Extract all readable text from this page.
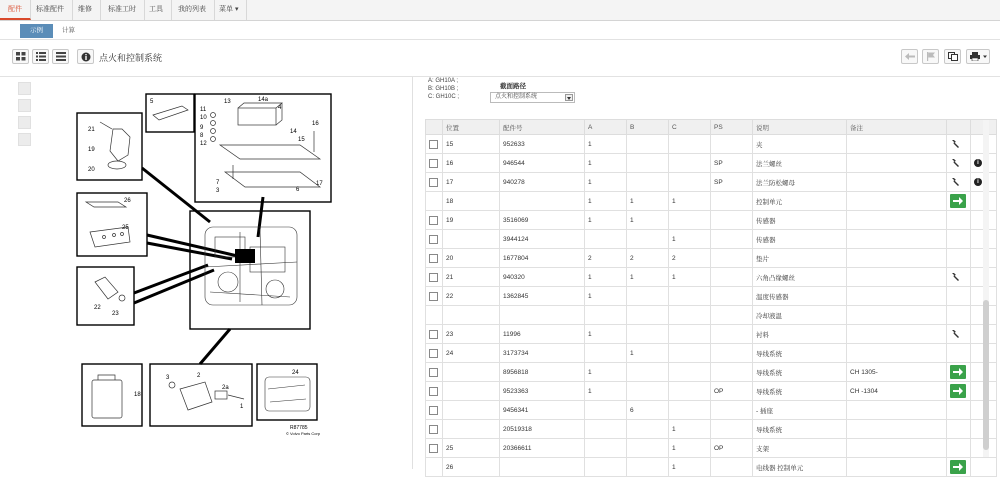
配件	标准配件	维修	标准工时	工具	我的列表	菜单 ▾
示例	计算
点火和控制系统
5
11
10
9
8
12
13	14a
4
14
15
16
17
7
3	6
21
19
20
26
25
22
23
18
3	2
2a
1
24
R87785
© Volvo Parts Corp
A: GH10A ;
B: GH10B ;
C: GH10C ;
截面路径
点火和控制系统
	位置	配件号	A	B	C	PS	说明	备注		
	15	952633	1				夹			
	16	946544	1			SP	法兰螺丝			i
	17	940278	1			SP	法兰防松螺母			i
	18		1	1	1		控制单元		

	19	3516069	1	1			传感器			
		3944124			1		传感器			
	20	1677804	2	2	2		垫片			
	21	940320	1	1	1		六角凸缘螺丝			
	22	1362845	1				温度传感器			
							冷却液温			
	23	11996	1				衬料			
	24	3173734		1			导线系统			
		8956818	1				导线系统	CH 1305-	

		9523363	1			OP	导线系统	CH -1304	

		9456341		6			- 插座			
		20519318			1		导线系统			
	25	20366611			1	OP	支架			
	26				1		电线器 控制单元		
